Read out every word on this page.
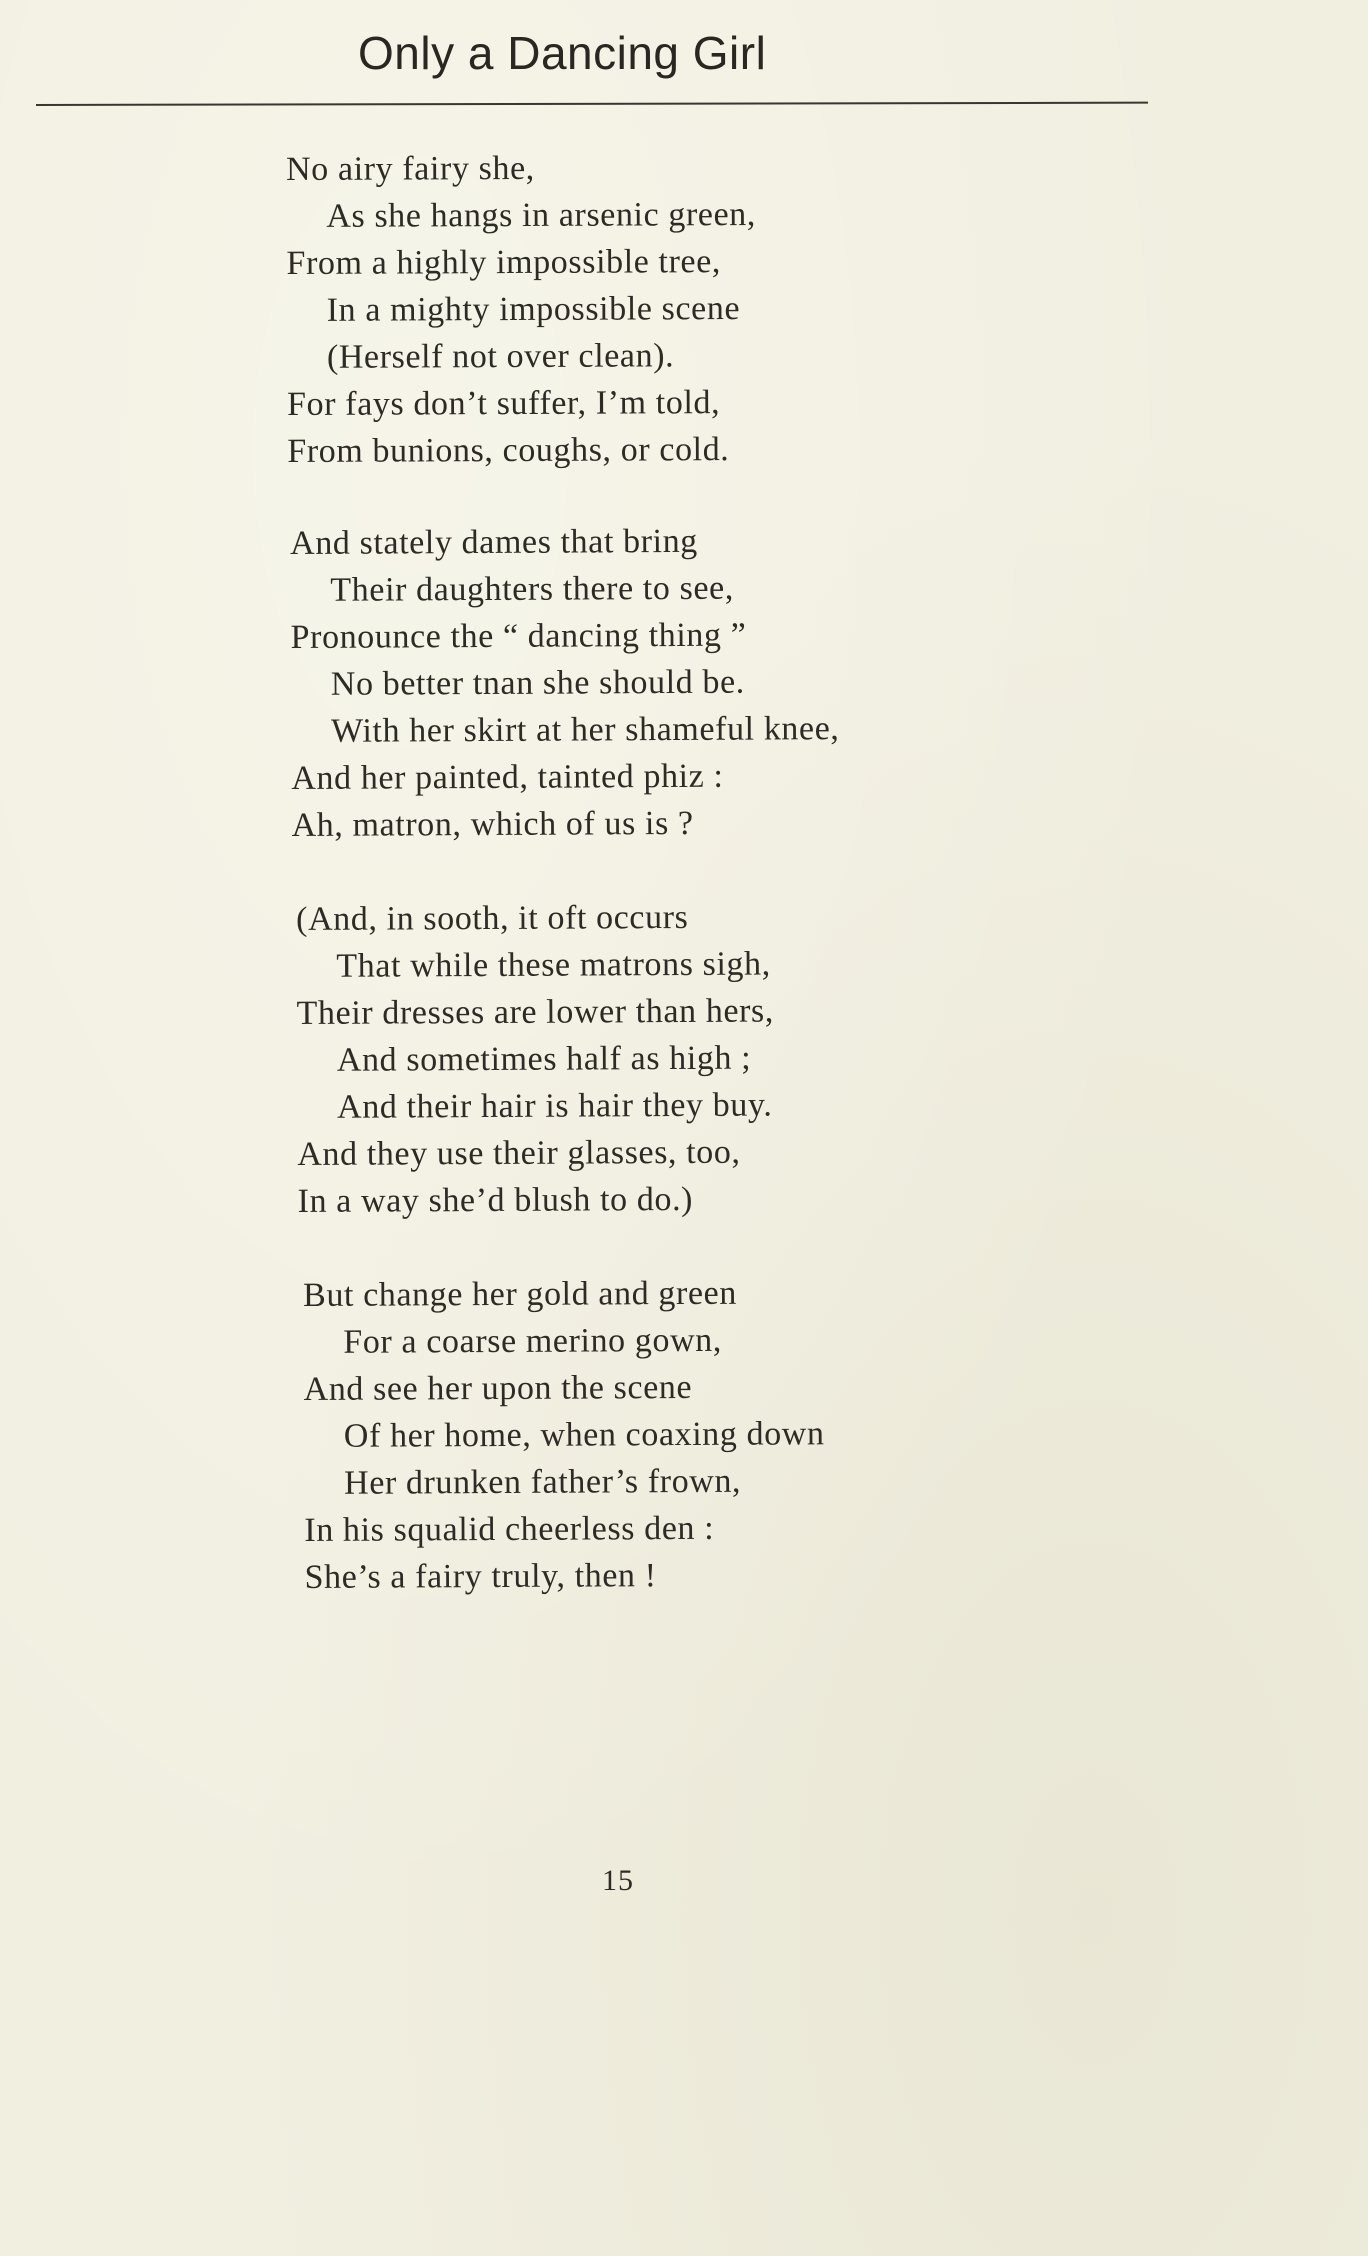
Only a Dancing Girl
No airy fairy she,
As she hangs in arsenic green,
From a highly impossible tree,
In a mighty impossible scene
(Herself not over clean).
For fays don’t suffer, I’m told,
From bunions, coughs, or cold.
And stately dames that bring
Their daughters there to see,
Pronounce the “ dancing thing ”
No better tnan she should be.
With her skirt at her shameful knee,
And her painted, tainted phiz :
Ah, matron, which of us is ?
(And, in sooth, it oft occurs
That while these matrons sigh,
Their dresses are lower than hers,
And sometimes half as high ;
And their hair is hair they buy.
And they use their glasses, too,
In a way she’d blush to do.)
But change her gold and green
For a coarse merino gown,
And see her upon the scene
Of her home, when coaxing down
Her drunken father’s frown,
In his squalid cheerless den :
She’s a fairy truly, then !

15
